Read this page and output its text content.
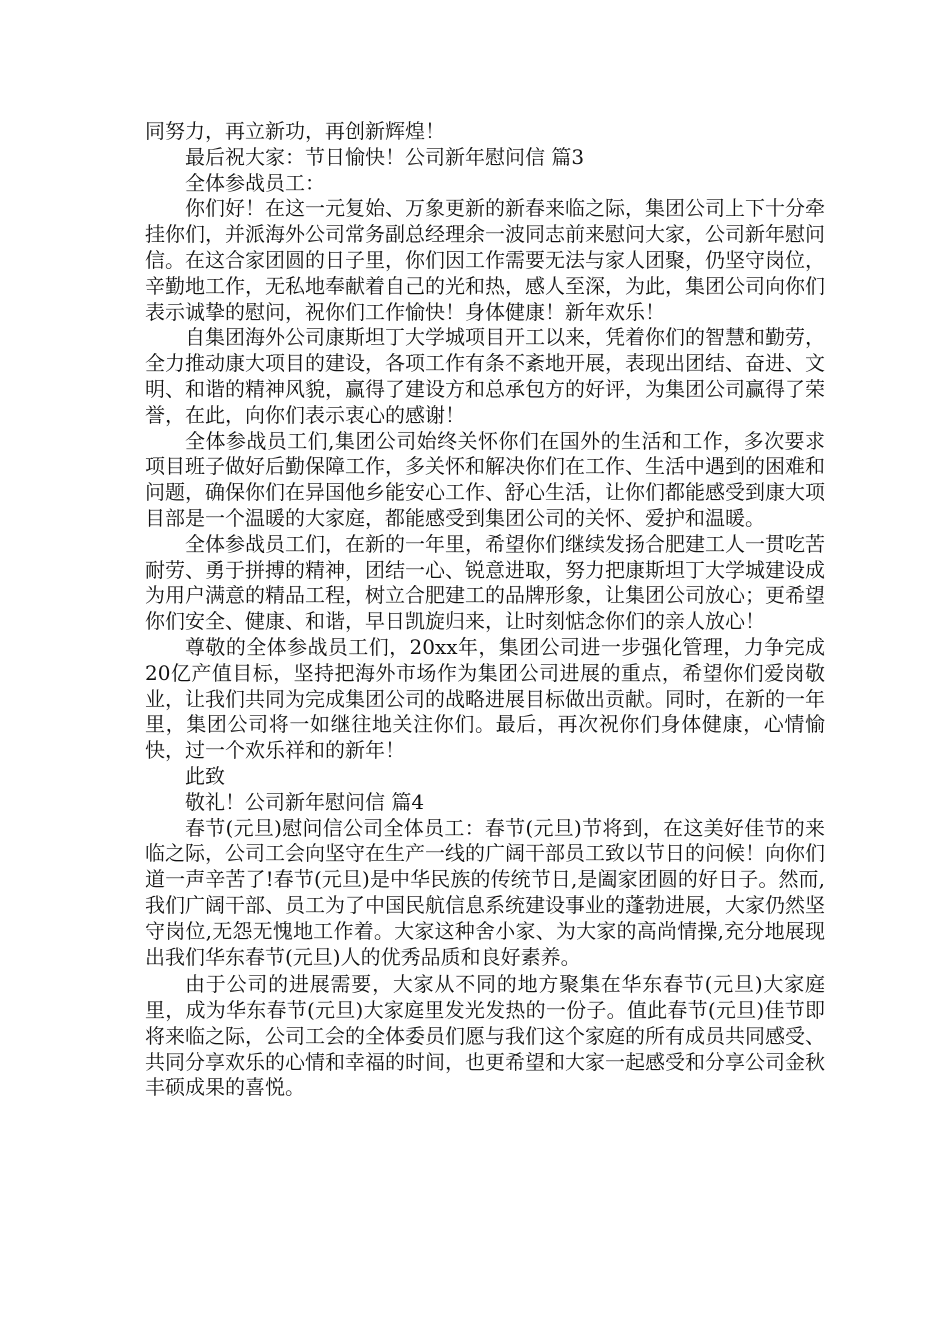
同努力，再立新功，再创新辉煌！

最后祝大家：节日愉快！公司新年慰问信 篇3

全体参战员工：

你们好！在这一元复始、万象更新的新春来临之际，集团公司上下十分牵挂你们，并派海外公司常务副总经理余一波同志前来慰问大家，公司新年慰问信。在这合家团圆的日子里，你们因工作需要无法与家人团聚，仍坚守岗位，辛勤地工作，无私地奉献着自己的光和热，感人至深，为此，集团公司向你们表示诚挚的慰问，祝你们工作愉快！身体健康！新年欢乐！

自集团海外公司康斯坦丁大学城项目开工以来，凭着你们的智慧和勤劳，全力推动康大项目的建设，各项工作有条不紊地开展，表现出团结、奋进、文明、和谐的精神风貌，赢得了建设方和总承包方的好评，为集团公司赢得了荣誉，在此，向你们表示衷心的感谢！

全体参战员工们,集团公司始终关怀你们在国外的生活和工作，多次要求项目班子做好后勤保障工作，多关怀和解决你们在工作、生活中遇到的困难和问题，确保你们在异国他乡能安心工作、舒心生活，让你们都能感受到康大项目部是一个温暖的大家庭，都能感受到集团公司的关怀、爱护和温暖。

全体参战员工们，在新的一年里，希望你们继续发扬合肥建工人一贯吃苦耐劳、勇于拼搏的精神，团结一心、锐意进取，努力把康斯坦丁大学城建设成为用户满意的精品工程，树立合肥建工的品牌形象，让集团公司放心；更希望你们安全、健康、和谐，早日凯旋归来，让时刻惦念你们的亲人放心！

尊敬的全体参战员工们，20xx年，集团公司进一步强化管理，力争完成20亿产值目标，坚持把海外市场作为集团公司进展的重点，希望你们爱岗敬业，让我们共同为完成集团公司的战略进展目标做出贡献。同时，在新的一年里，集团公司将一如继往地关注你们。最后，再次祝你们身体健康，心情愉快，过一个欢乐祥和的新年！

此致

敬礼！公司新年慰问信 篇4

春节(元旦)慰问信公司全体员工：春节(元旦)节将到，在这美好佳节的来临之际，公司工会向坚守在生产一线的广阔干部员工致以节日的问候！向你们道一声辛苦了!春节(元旦)是中华民族的传统节日,是阖家团圆的好日子。然而,我们广阔干部、员工为了中国民航信息系统建设事业的蓬勃进展，大家仍然坚守岗位,无怨无愧地工作着。大家这种舍小家、为大家的高尚情操,充分地展现出我们华东春节(元旦)人的优秀品质和良好素养。

由于公司的进展需要，大家从不同的地方聚集在华东春节(元旦)大家庭里，成为华东春节(元旦)大家庭里发光发热的一份子。值此春节(元旦)佳节即将来临之际，公司工会的全体委员们愿与我们这个家庭的所有成员共同感受、共同分享欢乐的心情和幸福的时间，也更希望和大家一起感受和分享公司金秋丰硕成果的喜悦。
